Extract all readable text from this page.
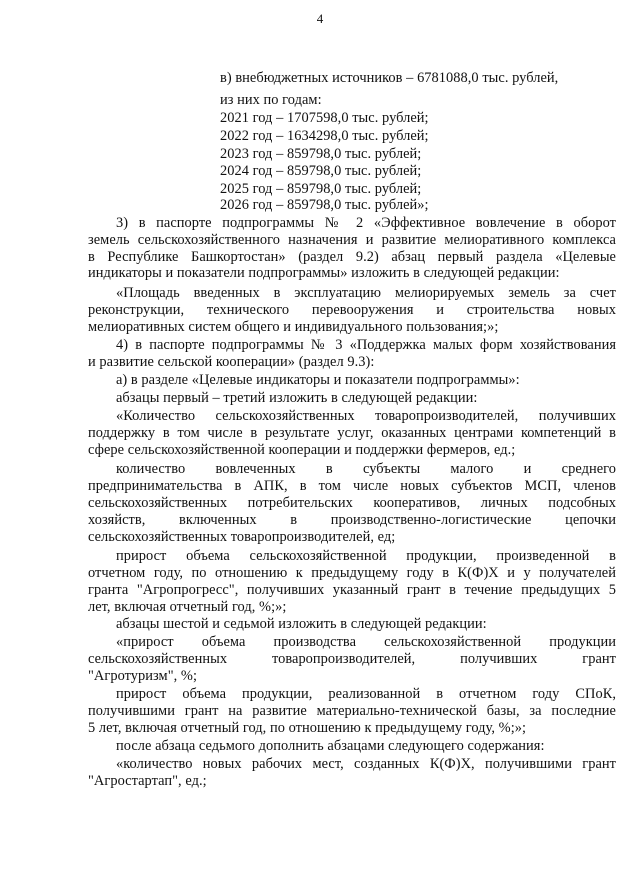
4
в) внебюджетных источников – 6781088,0 тыс. рублей,
из них по годам:
2021 год – 1707598,0 тыс. рублей;
2022 год – 1634298,0 тыс. рублей;
2023 год – 859798,0 тыс. рублей;
2024 год – 859798,0 тыс. рублей;
2025 год – 859798,0 тыс. рублей;
2026 год – 859798,0 тыс. рублей»;
3) в паспорте подпрограммы № 2 «Эффективное вовлечение в оборот
земель сельскохозяйственного назначения и развитие мелиоративного комплекса
в Республике Башкортостан» (раздел 9.2) абзац первый раздела «Целевые
индикаторы и показатели подпрограммы» изложить в следующей редакции:
«Площадь введенных в эксплуатацию мелиорируемых земель за счет
реконструкции, технического перевооружения и строительства новых
мелиоративных систем общего и индивидуального пользования;»;
4) в паспорте подпрограммы № 3 «Поддержка малых форм хозяйствования
и развитие сельской кооперации» (раздел 9.3):
а) в разделе «Целевые индикаторы и показатели подпрограммы»:
абзацы первый – третий изложить в следующей редакции:
«Количество сельскохозяйственных товаропроизводителей, получивших
поддержку в том числе в результате услуг, оказанных центрами компетенций в
сфере сельскохозяйственной кооперации и поддержки фермеров, ед.;
количество вовлеченных в субъекты малого и среднего
предпринимательства в АПК, в том числе новых субъектов МСП, членов
сельскохозяйственных потребительских кооперативов, личных подсобных
хозяйств, включенных в производственно-логистические цепочки
сельскохозяйственных товаропроизводителей, ед;
прирост объема сельскохозяйственной продукции, произведенной в
отчетном году, по отношению к предыдущему году в К(Ф)Х и у получателей
гранта "Агропрогресс", получивших указанный грант в течение предыдущих 5
лет, включая отчетный год, %;»;
абзацы шестой и седьмой изложить в следующей редакции:
«прирост объема производства сельскохозяйственной продукции
сельскохозяйственных товаропроизводителей, получивших грант
"Агротуризм", %;
прирост объема продукции, реализованной в отчетном году СПоК,
получившими грант на развитие материально-технической базы, за последние
5 лет, включая отчетный год, по отношению к предыдущему году, %;»;
после абзаца седьмого дополнить абзацами следующего содержания:
«количество новых рабочих мест, созданных К(Ф)Х, получившими грант
"Агростартап", ед.;
